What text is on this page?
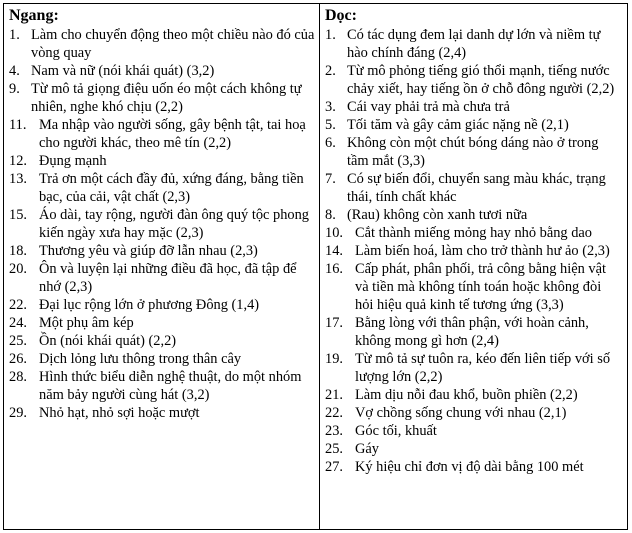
Ngang:
1. Làm cho chuyển động theo một chiều nào đó của vòng quay
4. Nam và nữ (nói khái quát) (3,2)
9. Từ mô tả giọng điệu uốn éo một cách không tự nhiên, nghe khó chịu (2,2)
11. Ma nhập vào người sống, gây bệnh tật, tai hoạ cho người khác, theo mê tín (2,2)
12. Đụng mạnh
13. Trả ơn một cách đầy đủ, xứng đáng, bằng tiền bạc, của cải, vật chất (2,3)
15. Áo dài, tay rộng, người đàn ông quý tộc phong kiến ngày xưa hay mặc (2,3)
18. Thương yêu và giúp đỡ lẫn nhau (2,3)
20. Ôn và luyện lại những điều đã học, đã tập để nhớ (2,3)
22. Đại lục rộng lớn ở phương Đông (1,4)
24. Một phụ âm kép
25. Ồn (nói khái quát) (2,2)
26. Dịch lỏng lưu thông trong thân cây
28. Hình thức biểu diễn nghệ thuật, do một nhóm năm bảy người cùng hát (3,2)
29. Nhỏ hạt, nhỏ sợi hoặc mượt
Dọc:
1. Có tác dụng đem lại danh dự lớn và niềm tự hào chính đáng (2,4)
2. Từ mô phỏng tiếng gió thổi mạnh, tiếng nước chảy xiết, hay tiếng ồn ở chỗ đông người (2,2)
3. Cái vay phải trả mà chưa trả
5. Tối tăm và gây cảm giác nặng nề (2,1)
6. Không còn một chút bóng dáng nào ở trong tầm mắt (3,3)
7. Có sự biến đổi, chuyển sang màu khác, trạng thái, tính chất khác
8. (Rau) không còn xanh tươi nữa
10. Cắt thành miếng mỏng hay nhỏ bằng dao
14. Làm biến hoá, làm cho trở thành hư ảo (2,3)
16. Cấp phát, phân phối, trả công bằng hiện vật và tiền mà không tính toán hoặc không đòi hỏi hiệu quả kinh tế tương ứng (3,3)
17. Bằng lòng với thân phận, với hoàn cảnh, không mong gì hơn (2,4)
19. Từ mô tả sự tuôn ra, kéo đến liên tiếp với số lượng lớn (2,2)
21. Làm dịu nỗi đau khổ, buồn phiền (2,2)
22. Vợ chồng sống chung với nhau (2,1)
23. Góc tối, khuất
25. Gáy
27. Ký hiệu chỉ đơn vị độ dài bằng 100 mét
